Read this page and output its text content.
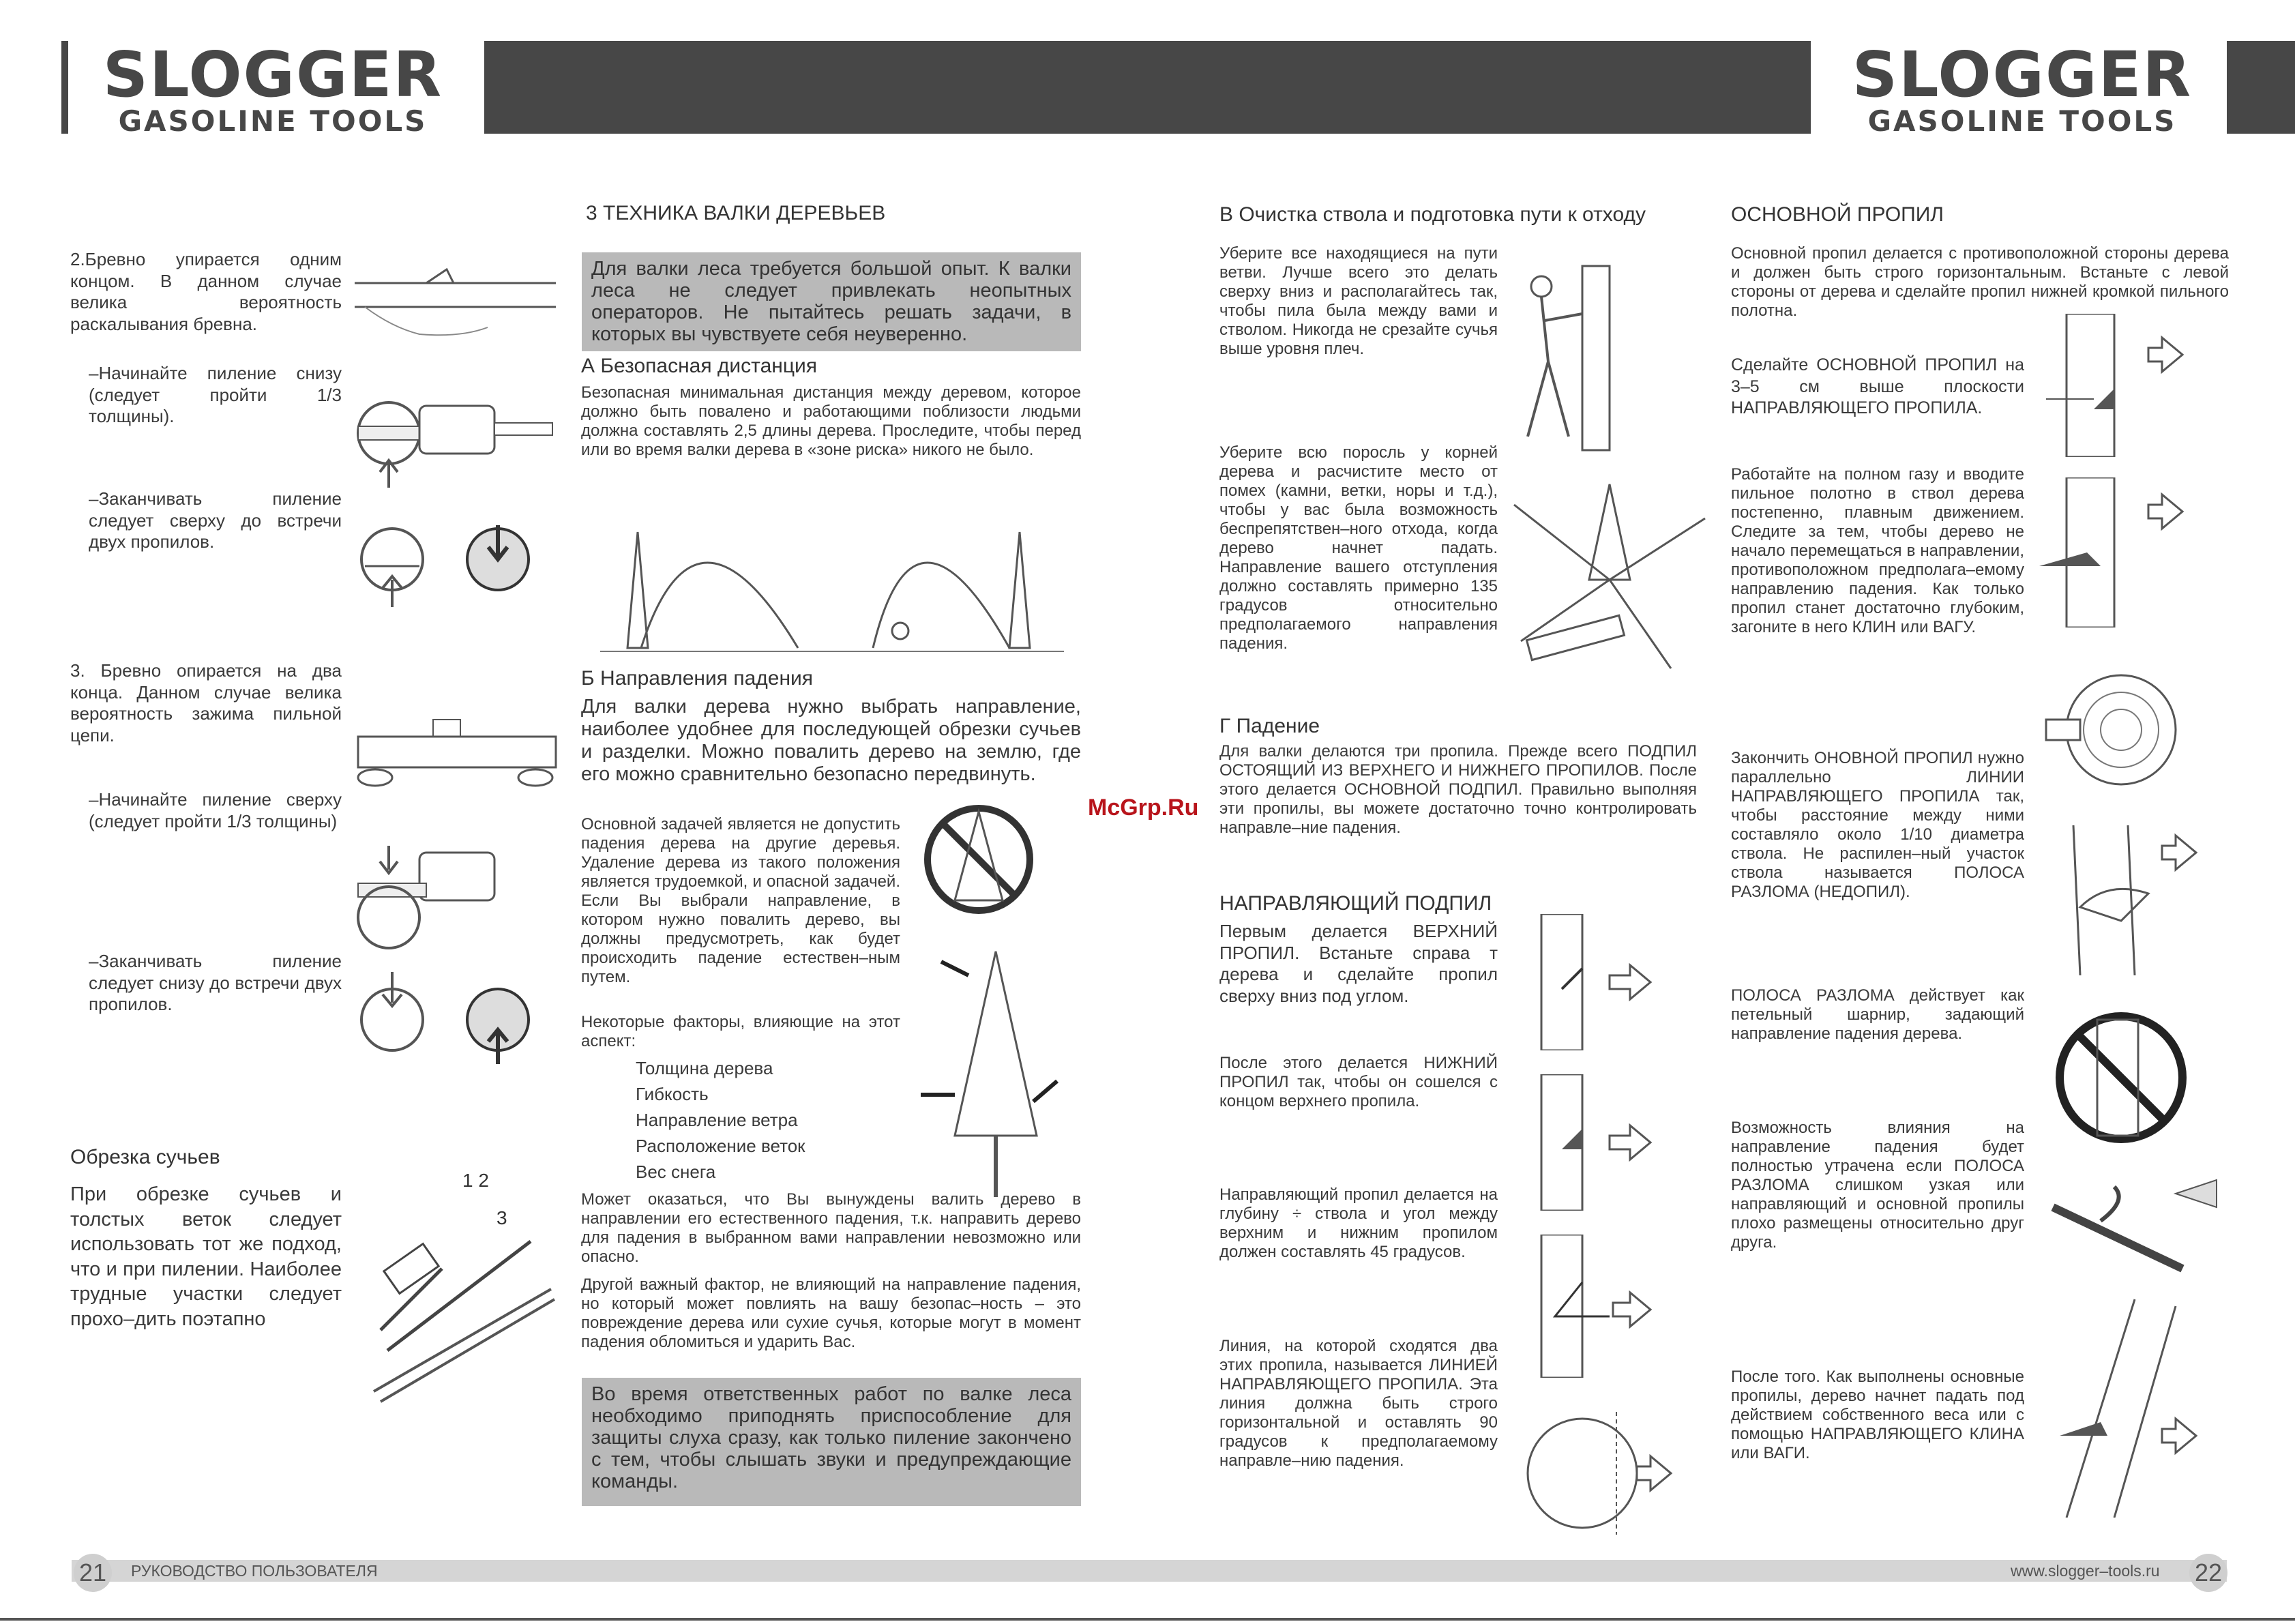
SLOGGER
GASOLINE TOOLS
SLOGGER
GASOLINE TOOLS
2.Бревно упирается одним концом. В данном случае велика вероятность раскалывания бревна.
–Начинайте пиление снизу (следует пройти 1/3 толщины).
–Заканчивать пиление следует сверху до встречи двух пропилов.
3. Бревно опирается на два конца. Данном случае велика вероятность зажима пильной цепи.
–Начинайте пиление сверху (следует пройти 1/3 толщины)
–Заканчивать пиление следует снизу до встречи двух пропилов.
Обрезка сучьев
При обрезке сучьев и толстых веток следует использовать тот же подход, что и при пилении. Наиболее трудные участки следует прохо–дить поэтапно
1 2
3
3 ТЕХНИКА ВАЛКИ ДЕРЕВЬЕВ
Для валки леса требуется большой опыт. К валки леса не следует привлекать неопытных операторов. Не пытайтесь решать задачи, в которых вы чувствуете себя неуверенно.
А Безопасная дистанция
Безопасная минимальная дистанция между деревом, которое должно быть повалено и работающими поблизости людьми должна составлять 2,5 длины дерева. Проследите, чтобы перед или во время валки дерева в «зоне риска» никого не было.
Б Направления падения
Для валки дерева нужно выбрать направление, наиболее удобнее для последующей обрезки сучьев и разделки. Можно повалить дерево на землю, где его можно сравнительно безопасно передвинуть.
Основной задачей является не допустить падения дерева на другие деревья. Удаление дерева из такого положения является трудоемкой, и опасной задачей. Если Вы выбрали направление, в котором нужно повалить дерево, вы должны предусмотреть, как будет происходить падение естествен–ным путем.
Некоторые факторы, влияющие на этот аспект:
Толщина дерева
Гибкость
Направление ветра
Расположение веток
Вес снега
Может оказаться, что Вы вынуждены валить дерево в направлении его естественного падения, т.к. направить дерево для падения в выбранном вами направлении невозможно или опасно.
Другой важный фактор, не влияющий на направление падения, но который может повлиять на вашу безопас–ность – это повреждение дерева или сухие сучья, которые могут в момент падения обломиться и ударить Вас.
Во время ответственных работ по валке леса необходимо приподнять приспособление для защиты слуха сразу, как только пиление закончено с тем, чтобы слышать звуки и предупреждающие команды.
McGrp.Ru
В Очистка ствола и подготовка пути к отходу
Уберите все находящиеся на пути ветви. Лучше всего это делать сверху вниз и располагайтесь так, чтобы пила была между вами и стволом. Никогда не срезайте сучья выше уровня плеч.
Уберите всю поросль у корней дерева и расчистите место от помех (камни, ветки, норы и т.д.), чтобы у вас была возможность беспрепятствен–ного отхода, когда дерево начнет падать. Направление вашего отступления должно составлять примерно 135 градусов относительно предполагаемого направления падения.
Г Падение
Для валки делаются три пропила. Прежде всего ПОДПИЛ ОСТОЯЩИЙ ИЗ ВЕРХНЕГО И НИЖНЕГО ПРОПИЛОВ. После этого делается ОСНОВНОЙ ПОДПИЛ. Правильно выполняя эти пропилы, вы можете достаточно точно контролировать направле–ние падения.
НАПРАВЛЯЮЩИЙ ПОДПИЛ
Первым делается ВЕРХНИЙ ПРОПИЛ. Встаньте справа т дерева и сделайте пропил сверху вниз под углом.
После этого делается НИЖНИЙ ПРОПИЛ так, чтобы он сошелся с концом верхнего пропила.
Направляющий пропил делается на глубину ÷ ствола и угол между верхним и нижним пропилом должен составлять 45 градусов.
Линия, на которой сходятся два этих пропила, называется ЛИНИЕЙ НАПРАВЛЯЮЩЕГО ПРОПИЛА. Эта линия должна быть строго горизонтальной и оставлять 90 градусов к предполагаемому направле–нию падения.
ОСНОВНОЙ ПРОПИЛ
Основной пропил делается с противоположной стороны дерева и должен быть строго горизонтальным. Встаньте с левой стороны от дерева и сделайте пропил нижней кромкой пильного полотна.
Сделайте ОСНОВНОЙ ПРОПИЛ на 3–5 см выше плоскости НАПРАВЛЯЮЩЕГО ПРОПИЛА.
Работайте на полном газу и вводите пильное полотно в ствол дерева постепенно, плавным движением. Следите за тем, чтобы дерево не начало перемещаться в направлении, противоположном предполага–емому направлению падения. Как только пропил станет достаточно глубоким, загоните в него КЛИН или ВАГУ.
Закончить ОНОВНОЙ ПРОПИЛ нужно параллельно ЛИНИИ НАПРАВЛЯЮЩЕГО ПРОПИЛА так, чтобы расстояние между ними составляло около 1/10 диаметра ствола. Не распилен–ный участок ствола называется ПОЛОСА РАЗЛОМА (НЕДОПИЛ).
ПОЛОСА РАЗЛОМА действует как петельный шарнир, задающий направление падения дерева.
Возможность влияния на направление падения будет полностью утрачена если ПОЛОСА РАЗЛОМА слишком узкая или направляющий и основной пропилы плохо размещены относительно друг друга.
После того. Как выполнены основные пропилы, дерево начнет падать под действием собственного веса или с помощью НАПРАВЛЯЮЩЕГО КЛИНА или ВАГИ.
21	РУКОВОДСТВО ПОЛЬЗОВАТЕЛЯ	www.slogger–tools.ru 22
